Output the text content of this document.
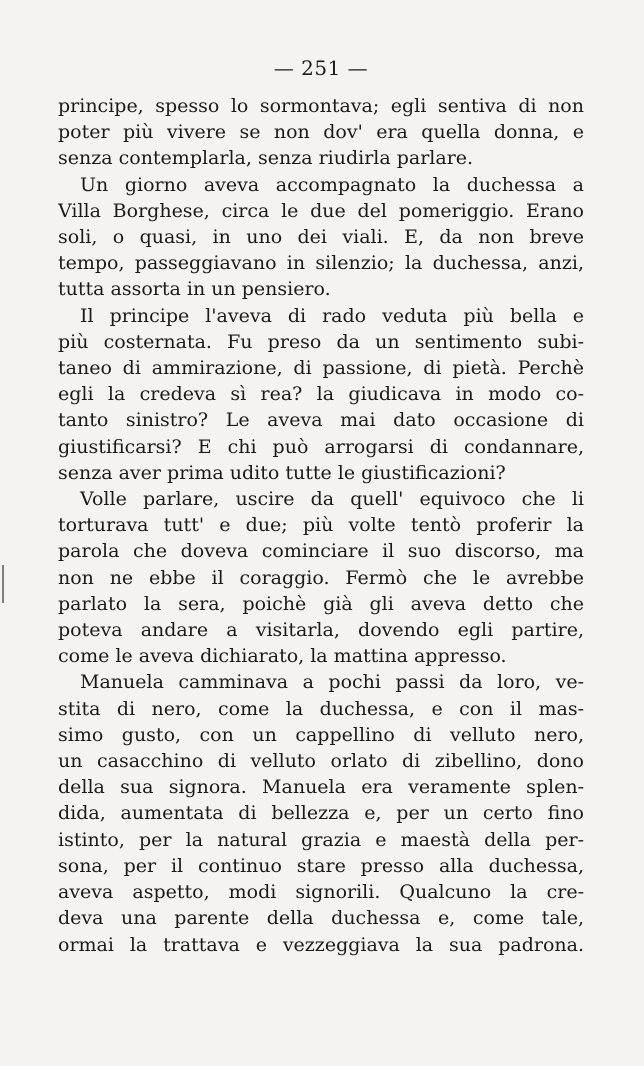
— 251 —
principe, spesso lo sormontava; egli sentiva di non
poter più vivere se non dov' era quella donna, e
senza contemplarla, senza riudirla parlare.
Un giorno aveva accompagnato la duchessa a
Villa Borghese, circa le due del pomeriggio. Erano
soli, o quasi, in uno dei viali. E, da non breve
tempo, passeggiavano in silenzio; la duchessa, anzi,
tutta assorta in un pensiero.
Il principe l'aveva di rado veduta più bella e
più costernata. Fu preso da un sentimento subi-
taneo di ammirazione, di passione, di pietà. Perchè
egli la credeva sì rea? la giudicava in modo co-
tanto sinistro? Le aveva mai dato occasione di
giustificarsi? E chi può arrogarsi di condannare,
senza aver prima udito tutte le giustificazioni?
Volle parlare, uscire da quell' equivoco che li
torturava tutt' e due; più volte tentò proferir la
parola che doveva cominciare il suo discorso, ma
non ne ebbe il coraggio. Fermò che le avrebbe
parlato la sera, poichè già gli aveva detto che
poteva andare a visitarla, dovendo egli partire,
come le aveva dichiarato, la mattina appresso.
Manuela camminava a pochi passi da loro, ve-
stita di nero, come la duchessa, e con il mas-
simo gusto, con un cappellino di velluto nero,
un casacchino di velluto orlato di zibellino, dono
della sua signora. Manuela era veramente splen-
dida, aumentata di bellezza e, per un certo fino
istinto, per la natural grazia e maestà della per-
sona, per il continuo stare presso alla duchessa,
aveva aspetto, modi signorili. Qualcuno la cre-
deva una parente della duchessa e, come tale,
ormai la trattava e vezzeggiava la sua padrona.
